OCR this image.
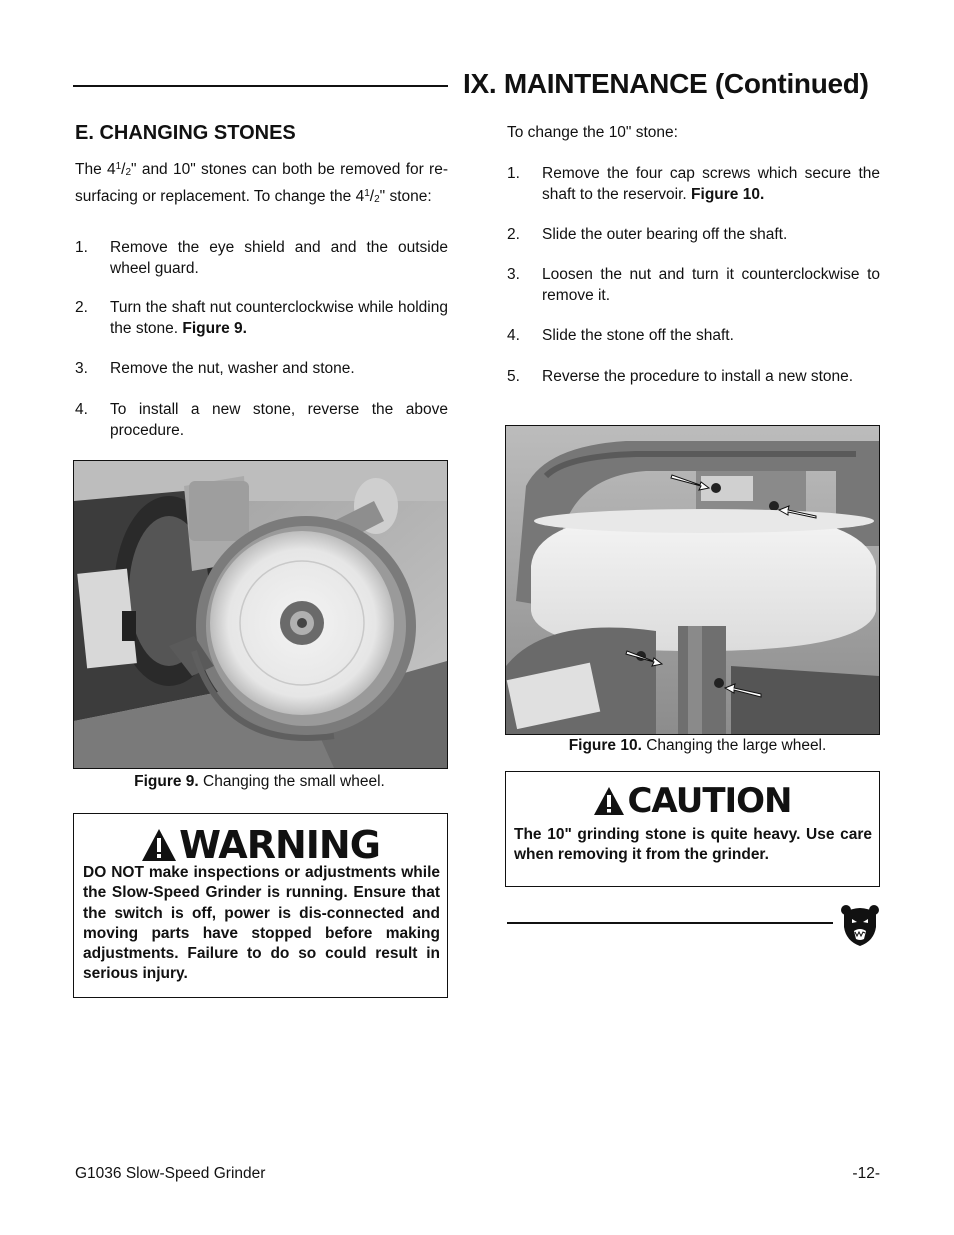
IX. MAINTENANCE (Continued)
E. CHANGING STONES
The $4^1/2$" and 10" stones can both be removed for re-surfacing or replacement. To change the $4^1/2$" stone:
1. Remove the eye shield and and the outside wheel guard.
2. Turn the shaft nut counterclockwise while holding the stone. Figure 9.
3. Remove the nut, washer and stone.
4. To install a new stone, reverse the above procedure.
Figure 9. Changing the small wheel.
WARNING
DO NOT make inspections or adjustments while the Slow-Speed Grinder is running. Ensure that the switch is off, power is dis-connected and moving parts have stopped before making adjustments. Failure to do so could result in serious injury.
To change the 10" stone:
1. Remove the four cap screws which secure the shaft to the reservoir. Figure 10.
2. Slide the outer bearing off the shaft.
3. Loosen the nut and turn it counterclockwise to remove it.
4. Slide the stone off the shaft.
5. Reverse the procedure to install a new stone.
Figure 10. Changing the large wheel.
CAUTION
The 10" grinding stone is quite heavy. Use care when removing it from the grinder.
G1036 Slow-Speed Grinder	-12-
